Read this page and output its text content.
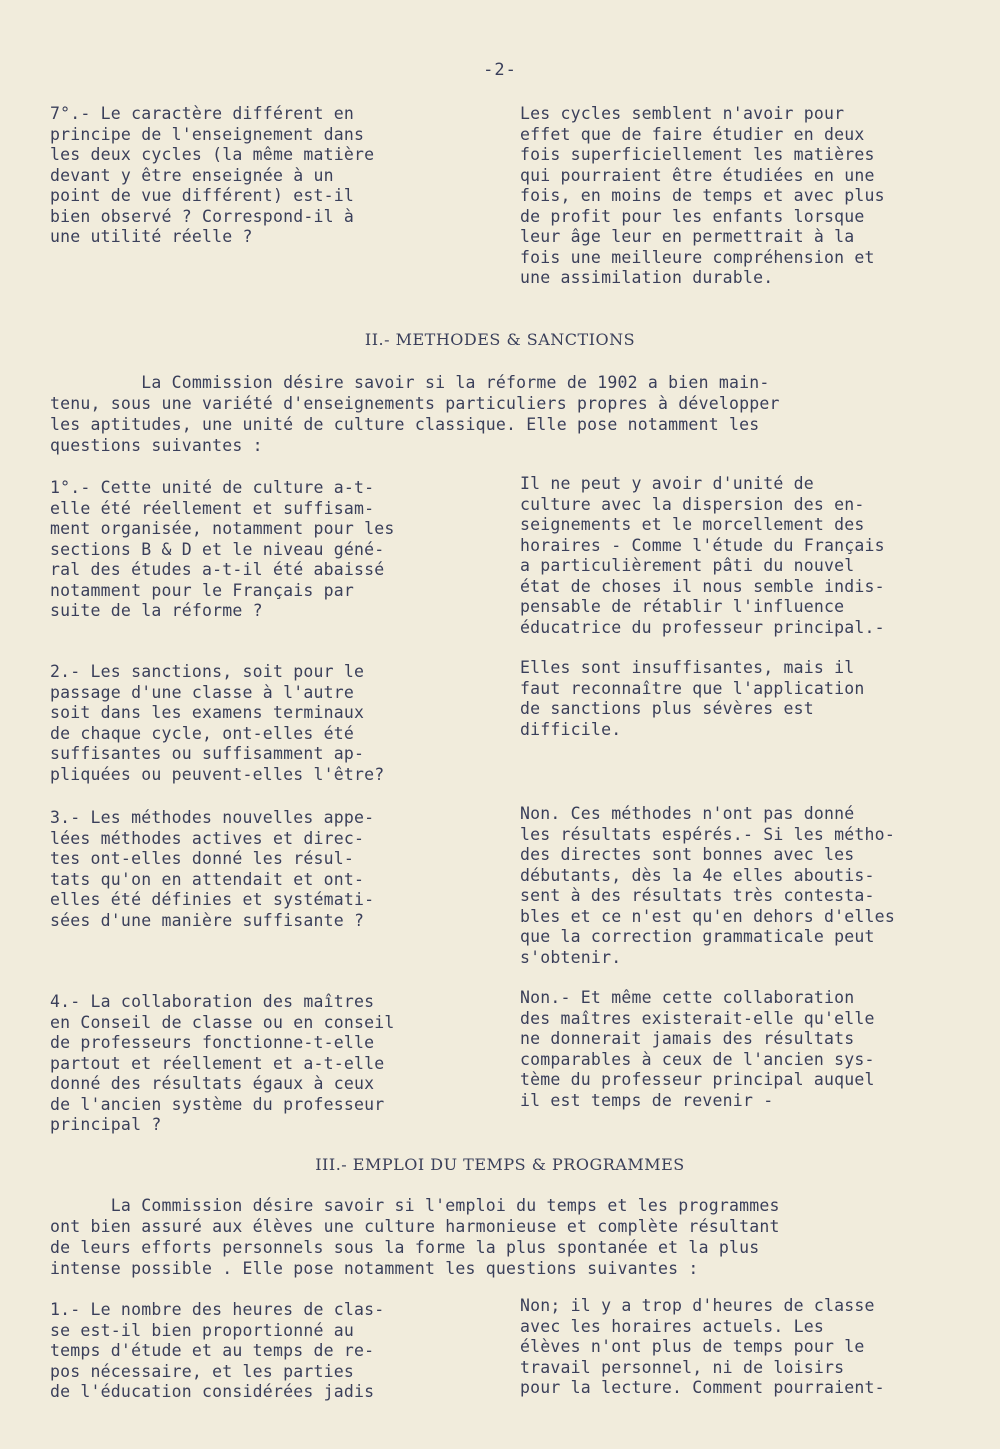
-2-
7°.- Le caractère différent en
principe de l'enseignement dans
les deux cycles (la même matière
devant y être enseignée à un
point de vue différent) est-il
bien observé ? Correspond-il à
une utilité réelle ?
Les cycles semblent n'avoir pour
effet que de faire étudier en deux
fois superficiellement les matières
qui pourraient être étudiées en une
fois, en moins de temps et avec plus
de profit pour les enfants lorsque
leur âge leur en permettrait à la
fois une meilleure compréhension et
une assimilation durable.
II.- METHODES & SANCTIONS
La Commission désire savoir si la réforme de 1902 a bien main-
tenu, sous une variété d'enseignements particuliers propres à développer
les aptitudes, une unité de culture classique. Elle pose notamment les
questions suivantes :
1°.- Cette unité de culture a-t-
elle été réellement et suffisam-
ment organisée, notamment pour les
sections B & D et le niveau géné-
ral des études a-t-il été abaissé
notamment pour le Français par
suite de la réforme ?
Il ne peut y avoir d'unité de
culture avec la dispersion des en-
seignements et le morcellement des
horaires - Comme l'étude du Français
a particulièrement pâti du nouvel
état de choses il nous semble indis-
pensable de rétablir l'influence
éducatrice du professeur principal.-
2.- Les sanctions, soit pour le
passage d'une classe à l'autre
soit dans les examens terminaux
de chaque cycle, ont-elles été
suffisantes ou suffisamment ap-
pliquées ou peuvent-elles l'être?
Elles sont insuffisantes, mais il
faut reconnaître que l'application
de sanctions plus sévères est
difficile.
3.- Les méthodes nouvelles appe-
lées méthodes actives et direc-
tes ont-elles donné les résul-
tats qu'on en attendait et ont-
elles été définies et systémati-
sées d'une manière suffisante ?
Non. Ces méthodes n'ont pas donné
les résultats espérés.- Si les métho-
des directes sont bonnes avec les
débutants, dès la 4e elles aboutis-
sent à des résultats très contesta-
bles et ce n'est qu'en dehors d'elles
que la correction grammaticale peut
s'obtenir.
4.- La collaboration des maîtres
en Conseil de classe ou en conseil
de professeurs fonctionne-t-elle
partout et réellement et a-t-elle
donné des résultats égaux à ceux
de l'ancien système du professeur
principal ?
Non.- Et même cette collaboration
des maîtres existerait-elle qu'elle
ne donnerait jamais des résultats
comparables à ceux de l'ancien sys-
tème du professeur principal auquel
il est temps de revenir -
III.- EMPLOI DU TEMPS & PROGRAMMES
La Commission désire savoir si l'emploi du temps et les programmes
ont bien assuré aux élèves une culture harmonieuse et complète résultant
de leurs efforts personnels sous la forme la plus spontanée et la plus
intense possible . Elle pose notamment les questions suivantes :
1.- Le nombre des heures de clas-
se est-il bien proportionné au
temps d'étude et au temps de re-
pos nécessaire, et les parties
de l'éducation considérées jadis
Non; il y a trop d'heures de classe
avec les horaires actuels. Les
élèves n'ont plus de temps pour le
travail personnel, ni de loisirs
pour la lecture. Comment pourraient-
